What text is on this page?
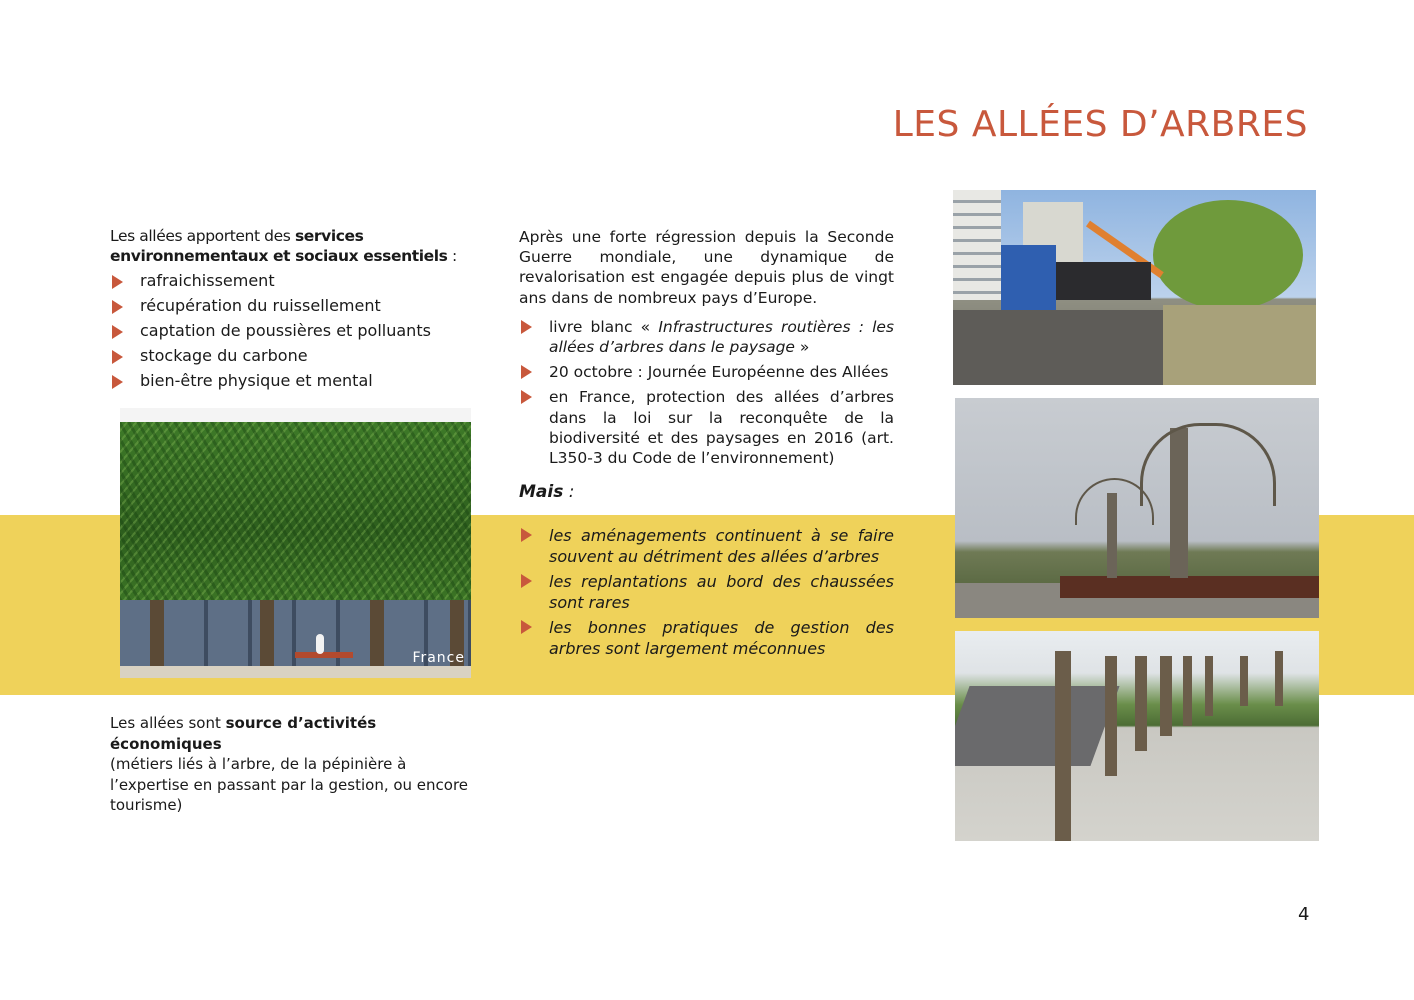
LES ALLÉES D’ARBRES

Les allées apportent des services environnementaux et sociaux essentiels :

rafraichissement
récupération du ruissellement
captation de poussières et polluants
stockage du carbone
bien-être physique et mental
France

Les allées sont source d’activités économiques

(métiers liés à l’arbre, de la pépinière à l’expertise en passant par la gestion, ou encore tourisme)

Après une forte régression depuis la Seconde Guerre mondiale, une dynamique de revalorisation est engagée depuis plus de vingt ans dans de nombreux pays d’Europe.

livre blanc « Infrastructures routières : les allées d’arbres dans le paysage »
20 octobre : Journée Européenne des Allées
en France, protection des allées d’arbres dans la loi sur la reconquête de la biodiversité et des paysages en 2016 (art. L350-3 du Code de l’environnement)

Mais :

les aménagements continuent à se faire souvent au détriment des allées d’arbres
les replantations au bord des chaussées sont rares
les bonnes pratiques de gestion des arbres sont largement méconnues
4
